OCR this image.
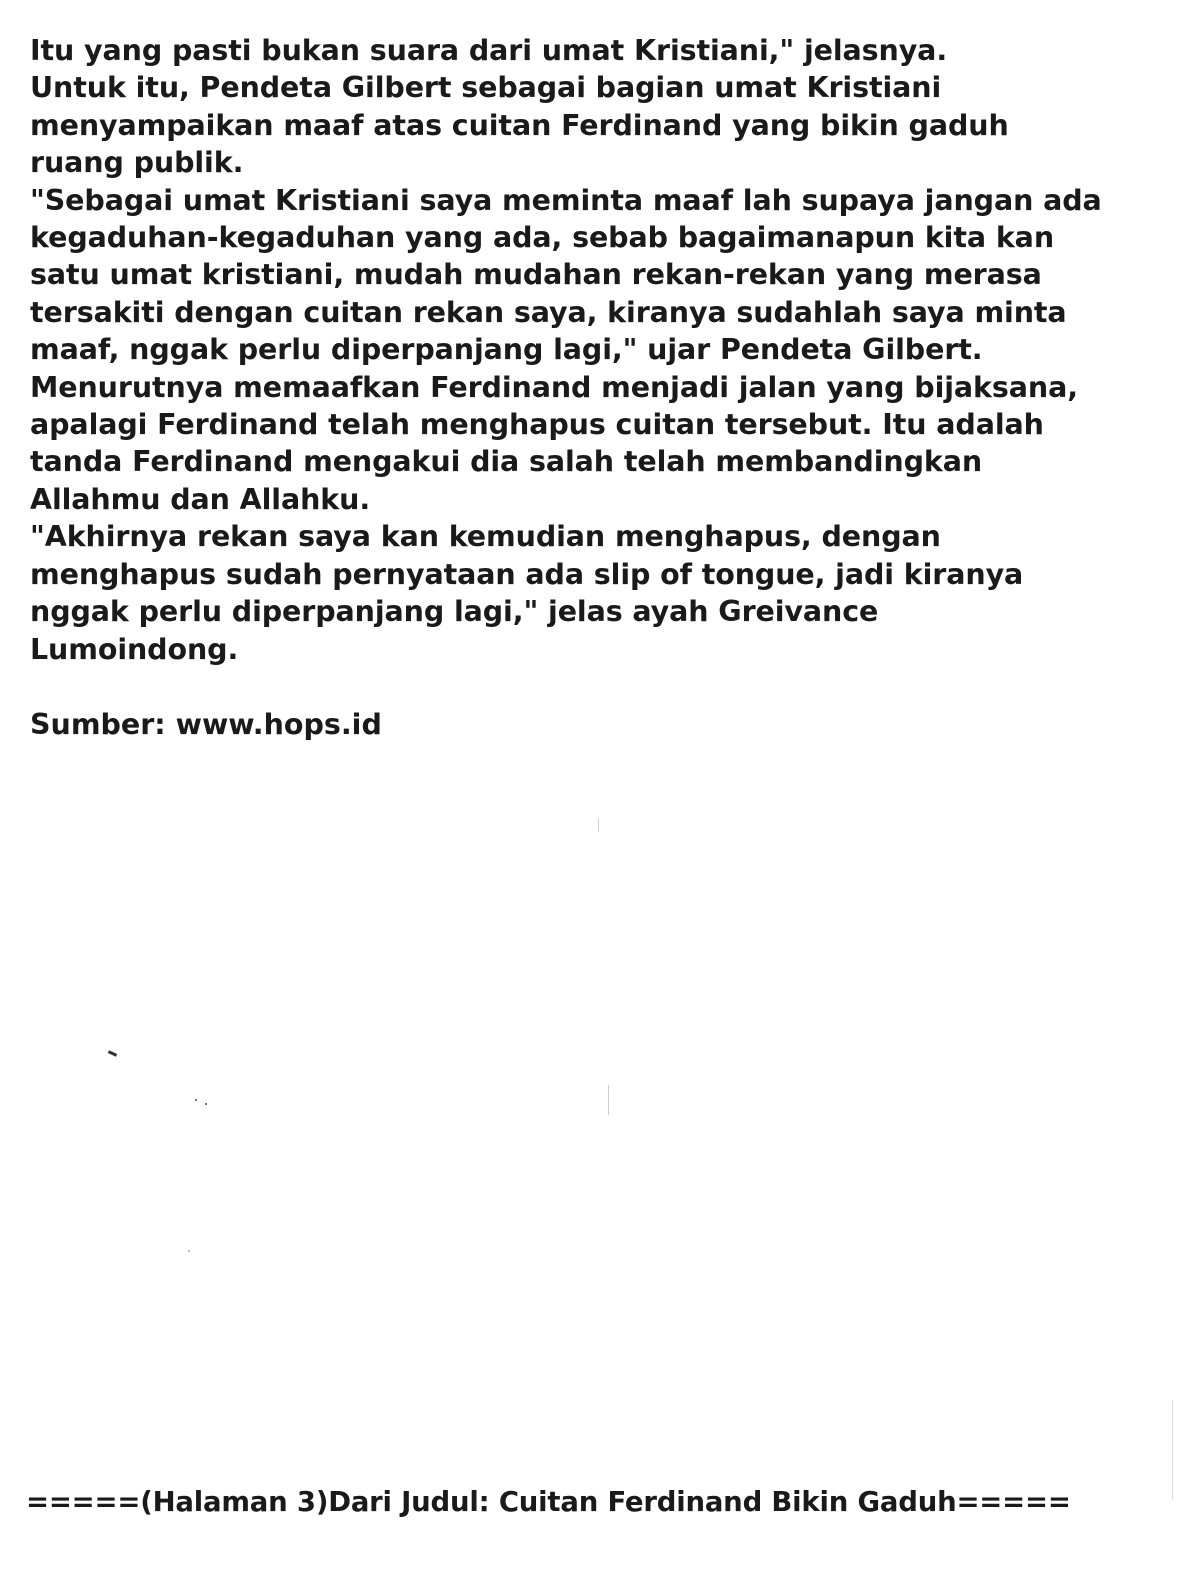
Itu yang pasti bukan suara dari umat Kristiani," jelasnya.
Untuk itu, Pendeta Gilbert sebagai bagian umat Kristiani
menyampaikan maaf atas cuitan Ferdinand yang bikin gaduh
ruang publik.
"Sebagai umat Kristiani saya meminta maaf lah supaya jangan ada
kegaduhan-kegaduhan yang ada, sebab bagaimanapun kita kan
satu umat kristiani, mudah mudahan rekan-rekan yang merasa
tersakiti dengan cuitan rekan saya, kiranya sudahlah saya minta
maaf, nggak perlu diperpanjang lagi," ujar Pendeta Gilbert.
Menurutnya memaafkan Ferdinand menjadi jalan yang bijaksana,
apalagi Ferdinand telah menghapus cuitan tersebut. Itu adalah
tanda Ferdinand mengakui dia salah telah membandingkan
Allahmu dan Allahku.
"Akhirnya rekan saya kan kemudian menghapus, dengan
menghapus sudah pernyataan ada slip of tongue, jadi kiranya
nggak perlu diperpanjang lagi," jelas ayah Greivance
Lumoindong.
Sumber: www.hops.id
=====(Halaman 3)Dari Judul: Cuitan Ferdinand Bikin Gaduh=====
